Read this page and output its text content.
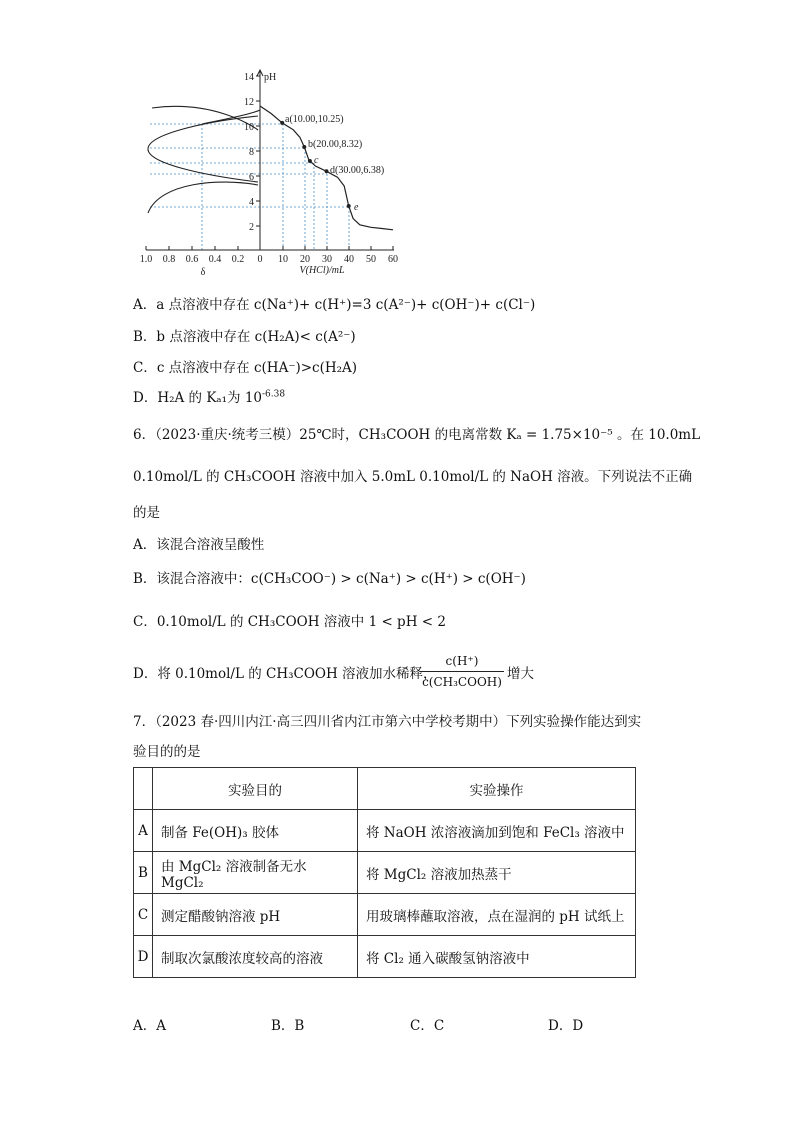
14
12
10
8
6
4
2
pH
1.0 0.8 0.6 0.4 0.2 0 10 20 30 40 50 60
δ	V(HCl)/mL
a(10.00,10.25)
b(20.00,8.32)
c
d(30.00,6.38)
e
A．a 点溶液中存在 c(Na⁺)+ c(H⁺)=3 c(A²⁻)+ c(OH⁻)+ c(Cl⁻)
B．b 点溶液中存在 c(H₂A)< c(A²⁻)
C．c 点溶液中存在 c(HA⁻)>c(H₂A)
D．H₂A 的 Kₐ₁为 $10^{-6.38}$
6．（2023·重庆·统考三模）25℃时，CH₃COOH 的电离常数 Kₐ = 1.75×10⁻⁵ 。在 10.0mL
0.10mol/L 的 CH₃COOH 溶液中加入 5.0mL 0.10mol/L 的 NaOH 溶液。下列说法不正确
的是
A．该混合溶液呈酸性
B．该混合溶液中：c(CH₃COO⁻) > c(Na⁺) > c(H⁺) > c(OH⁻)
C．0.10mol/L 的 CH₃COOH 溶液中 1 < pH < 2
D．将 0.10mol/L 的 CH₃COOH 溶液加水稀释，
c(H⁺)
c(CH₃COOH) 增大
7．（2023 春·四川内江·高三四川省内江市第六中学校考期中）下列实验操作能达到实
验目的的是
	实验目的	实验操作
A	制备 Fe(OH)₃ 胶体	将 NaOH 浓溶液滴加到饱和 FeCl₃ 溶液中
B	由 MgCl₂ 溶液制备无水 MgCl₂	将 MgCl₂ 溶液加热蒸干
C	测定醋酸钠溶液 pH	用玻璃棒蘸取溶液，点在湿润的 pH 试纸上
D	制取次氯酸浓度较高的溶液	将 Cl₂ 通入碳酸氢钠溶液中
A．A	B．B	C．C	D．D
